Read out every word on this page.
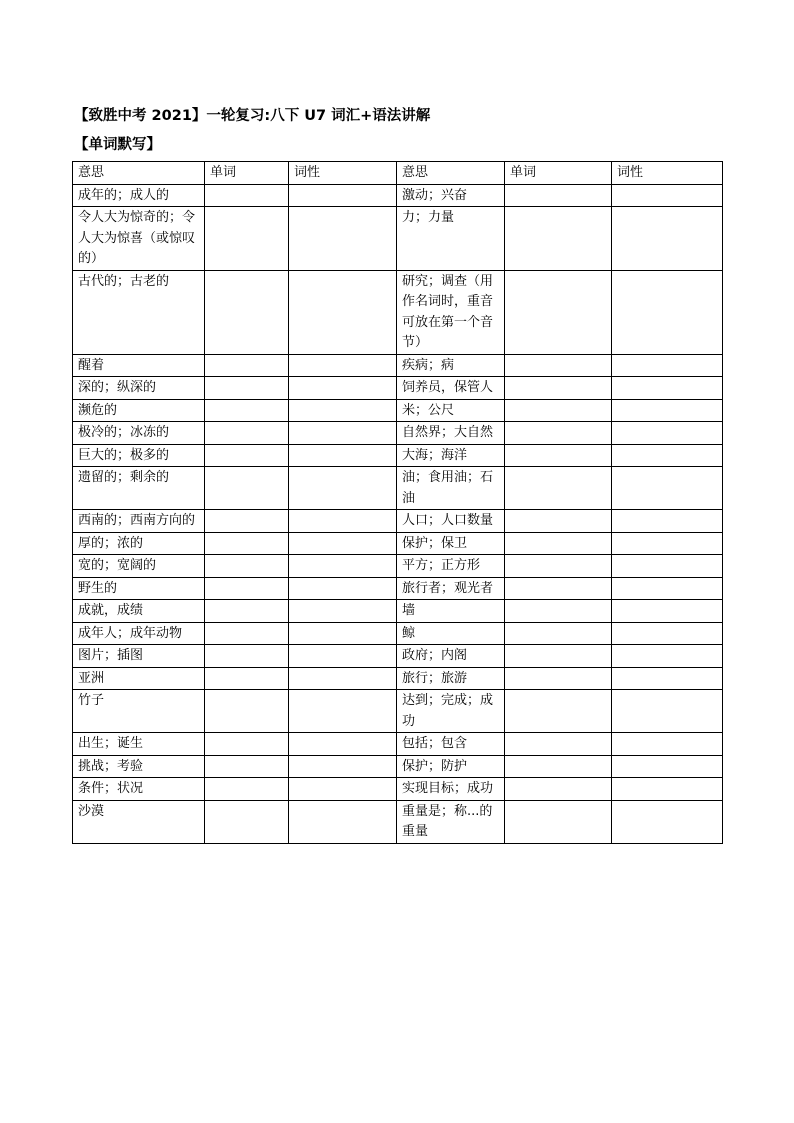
【致胜中考 2021】一轮复习:八下 U7 词汇+语法讲解
【单词默写】
意思	单词	词性	意思	单词	词性
成年的；成人的			激动；兴奋		
令人大为惊奇的；令人大为惊喜（或惊叹的）			力；力量		
古代的；古老的			研究；调查（用作名词时，重音可放在第一个音节）		
醒着			疾病；病		
深的；纵深的			饲养员，保管人		
濒危的			米；公尺		
极冷的；冰冻的			自然界；大自然		
巨大的；极多的			大海；海洋		
遗留的；剩余的			油；食用油；石油		
西南的；西南方向的			人口；人口数量		
厚的；浓的			保护；保卫		
宽的；宽阔的			平方；正方形		
野生的			旅行者；观光者		
成就，成绩			墙		
成年人；成年动物			鲸		
图片；插图			政府；内阁		
亚洲			旅行；旅游		
竹子			达到；完成；成功		
出生；诞生			包括；包含		
挑战；考验			保护；防护		
条件；状况			实现目标；成功		
沙漠			重量是；称...的重量		
